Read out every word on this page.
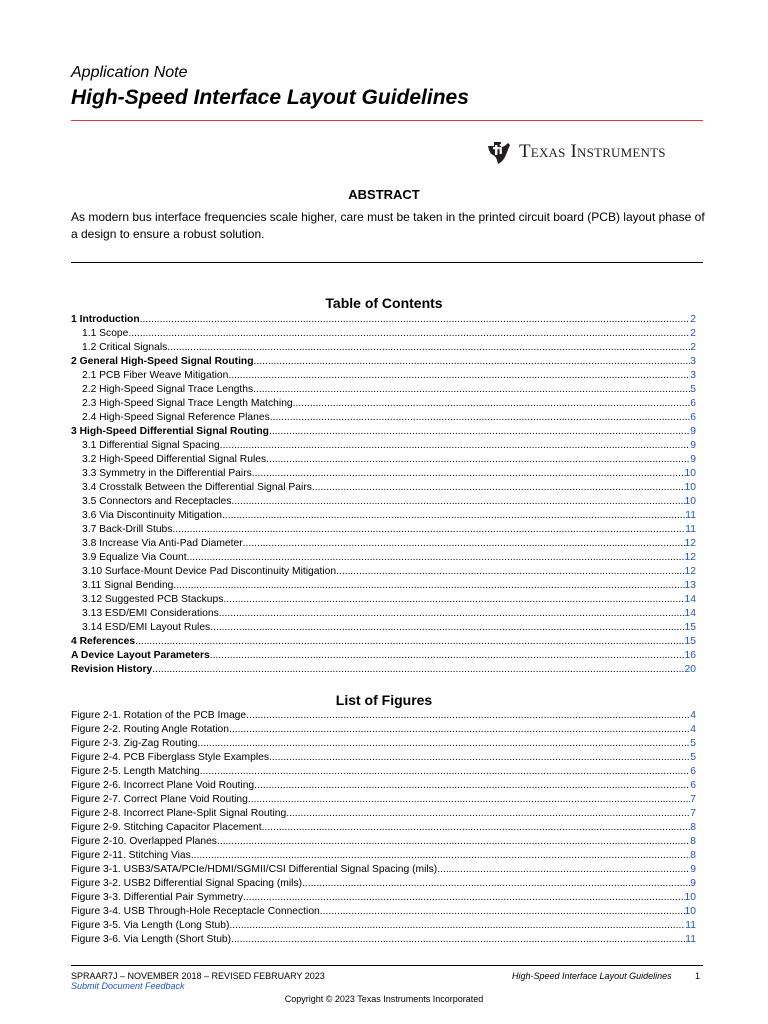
Application Note
High-Speed Interface Layout Guidelines
Texas Instruments
ABSTRACT
As modern bus interface frequencies scale higher, care must be taken in the printed circuit board (PCB) layout phase of a design to ensure a robust solution.
Table of Contents
1 Introduction .....	2
1.1 Scope .....	2
1.2 Critical Signals .....	2
2 General High-Speed Signal Routing .....	3
2.1 PCB Fiber Weave Mitigation .....	3
2.2 High-Speed Signal Trace Lengths .....	5
2.3 High-Speed Signal Trace Length Matching .....	6
2.4 High-Speed Signal Reference Planes .....	6
3 High-Speed Differential Signal Routing .....	9
3.1 Differential Signal Spacing .....	9
3.2 High-Speed Differential Signal Rules .....	9
3.3 Symmetry in the Differential Pairs .....	10
3.4 Crosstalk Between the Differential Signal Pairs .....	10
3.5 Connectors and Receptacles .....	10
3.6 Via Discontinuity Mitigation .....	11
3.7 Back-Drill Stubs .....	11
3.8 Increase Via Anti-Pad Diameter .....	12
3.9 Equalize Via Count .....	12
3.10 Surface-Mount Device Pad Discontinuity Mitigation .....	12
3.11 Signal Bending .....	13
3.12 Suggested PCB Stackups .....	14
3.13 ESD/EMI Considerations .....	14
3.14 ESD/EMI Layout Rules .....	15
4 References .....	15
A Device Layout Parameters .....	16
Revision History .....	20
List of Figures
Figure 2-1. Rotation of the PCB Image .....	4
Figure 2-2. Routing Angle Rotation .....	4
Figure 2-3. Zig-Zag Routing .....	5
Figure 2-4. PCB Fiberglass Style Examples .....	5
Figure 2-5. Length Matching .....	6
Figure 2-6. Incorrect Plane Void Routing .....	6
Figure 2-7. Correct Plane Void Routing .....	7
Figure 2-8. Incorrect Plane-Split Signal Routing .....	7
Figure 2-9. Stitching Capacitor Placement .....	8
Figure 2-10. Overlapped Planes .....	8
Figure 2-11. Stitching Vias .....	8
Figure 3-1. USB3/SATA/PCIe/HDMI/SGMII/CSI Differential Signal Spacing (mils) .....	9
Figure 3-2. USB2 Differential Signal Spacing (mils) .....	9
Figure 3-3. Differential Pair Symmetry .....	10
Figure 3-4. USB Through-Hole Receptacle Connection .....	10
Figure 3-5. Via Length (Long Stub) .....	11
Figure 3-6. Via Length (Short Stub) .....	11
SPRAAR7J – NOVEMBER 2018 – REVISED FEBRUARY 2023
Submit Document Feedback
High-Speed Interface Layout Guidelines	1
Copyright © 2023 Texas Instruments Incorporated
